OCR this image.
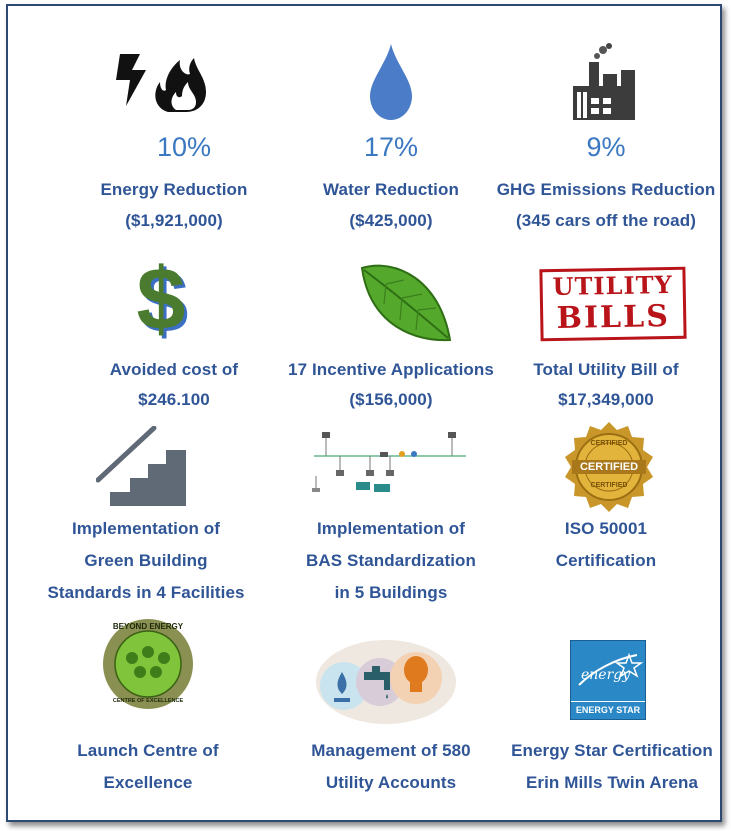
10%
Energy Reduction
($1,921,000)
17%
Water Reduction
($425,000)
9%
GHG Emissions Reduction
(345 cars off the road)
$
Avoided cost of
$246.100
17 Incentive Applications
($156,000)
UTILITY
BILLS
Total Utility Bill of
$17,349,000
Implementation of
Green Building
Standards in 4 Facilities
Implementation of
BAS Standardization
in 5 Buildings
CERTIFIED
CERTIFIED
CERTIFIED
ISO 50001
Certification
BEYOND ENERGY
CENTRE OF EXCELLENCE
Launch Centre of
Excellence
Management of 580
Utility Accounts
energy
ENERGY STAR
Energy Star Certification
Erin Mills Twin Arena
